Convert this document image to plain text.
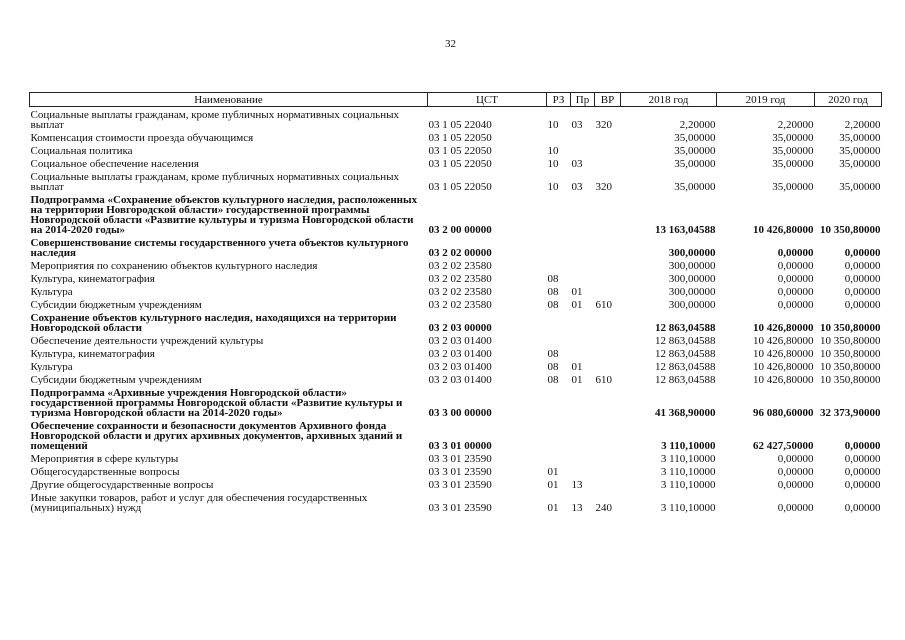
32
Наименование	ЦСТ	РЗ	Пр	ВР	2018 год	2019 год	2020 год
Социальные выплаты гражданам, кроме публичных нормативных социальных выплат	03 1 05 22040	10	03	320	2,20000	2,20000	2,20000
Компенсация стоимости проезда обучающимся	03 1 05 22050				35,00000	35,00000	35,00000
Социальная политика	03 1 05 22050	10			35,00000	35,00000	35,00000
Социальное обеспечение населения	03 1 05 22050	10	03		35,00000	35,00000	35,00000
Социальные выплаты гражданам, кроме публичных нормативных социальных выплат	03 1 05 22050	10	03	320	35,00000	35,00000	35,00000
Подпрограмма «Сохранение объектов культурного наследия, расположенных на территории Новгородской области» государственной программы Новгородской области «Развитие культуры и туризма Новгородской области на 2014-2020 годы»	03 2 00 00000				13 163,04588	10 426,80000	10 350,80000
Совершенствование системы государственного учета объектов культурного наследия	03 2 02 00000				300,00000	0,00000	0,00000
Мероприятия по сохранению объектов культурного наследия	03 2 02 23580				300,00000	0,00000	0,00000
Культура, кинематография	03 2 02 23580	08			300,00000	0,00000	0,00000
Культура	03 2 02 23580	08	01		300,00000	0,00000	0,00000
Субсидии бюджетным учреждениям	03 2 02 23580	08	01	610	300,00000	0,00000	0,00000
Сохранение объектов культурного наследия, находящихся на территории Новгородской области	03 2 03 00000				12 863,04588	10 426,80000	10 350,80000
Обеспечение деятельности учреждений культуры	03 2 03 01400				12 863,04588	10 426,80000	10 350,80000
Культура, кинематография	03 2 03 01400	08			12 863,04588	10 426,80000	10 350,80000
Культура	03 2 03 01400	08	01		12 863,04588	10 426,80000	10 350,80000
Субсидии бюджетным учреждениям	03 2 03 01400	08	01	610	12 863,04588	10 426,80000	10 350,80000
Подпрограмма «Архивные учреждения Новгородской области» государственной программы Новгородской области «Развитие культуры и туризма Новгородской области на 2014-2020 годы»	03 3 00 00000				41 368,90000	96 080,60000	32 373,90000
Обеспечение сохранности и безопасности документов Архивного фонда Новгородской области и других архивных документов, архивных зданий и помещений	03 3 01 00000				3 110,10000	62 427,50000	0,00000
Мероприятия в сфере культуры	03 3 01 23590				3 110,10000	0,00000	0,00000
Общегосударственные вопросы	03 3 01 23590	01			3 110,10000	0,00000	0,00000
Другие общегосударственные вопросы	03 3 01 23590	01	13		3 110,10000	0,00000	0,00000
Иные закупки товаров, работ и услуг для обеспечения государственных (муниципальных) нужд	03 3 01 23590	01	13	240	3 110,10000	0,00000	0,00000
